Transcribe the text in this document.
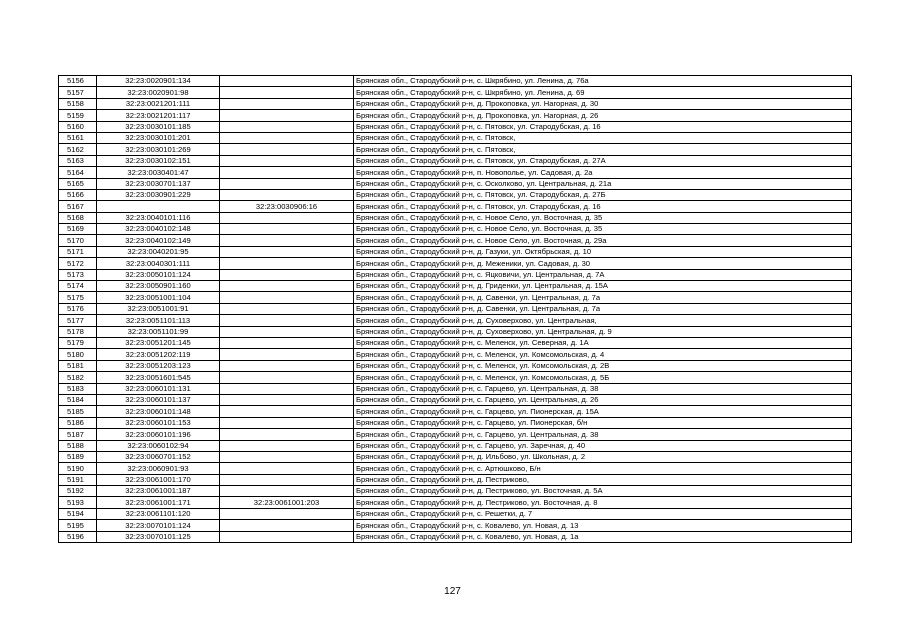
5156	32:23:0020901:134		Брянская обл., Стародубский р-н, с. Шкрябино, ул. Ленина, д. 76а
5157	32:23:0020901:98		Брянская обл., Стародубский р-н, с. Шкрябино, ул. Ленина, д. 69
5158	32:23:0021201:111		Брянская обл., Стародубский р-н, д. Прокоповка, ул. Нагорная, д. 30
5159	32:23:0021201:117		Брянская обл., Стародубский р-н, д. Прокоповка, ул. Нагорная, д. 26
5160	32:23:0030101:185		Брянская обл., Стародубский р-н, с. Пятовск, ул. Стародубская, д. 16
5161	32:23:0030101:201		Брянская обл., Стародубский р-н, с. Пятовск,
5162	32:23:0030101:269		Брянская обл., Стародубский р-н, с. Пятовск,
5163	32:23:0030102:151		Брянская обл., Стародубский р-н, с. Пятовск, ул. Стародубская, д. 27А
5164	32:23:0030401:47		Брянская обл., Стародубский р-н, п. Новополье, ул. Садовая, д. 2а
5165	32:23:0030701:137		Брянская обл., Стародубский р-н, с. Осколково, ул. Центральная, д. 21а
5166	32:23:0030901:229		Брянская обл., Стародубский р-н, с. Пятовск, ул. Стародубская, д. 27Б
5167		32:23:0030906:16	Брянская обл., Стародубский р-н, с. Пятовск, ул. Стародубская, д. 16
5168	32:23:0040101:116		Брянская обл., Стародубский р-н, с. Новое Село, ул. Восточная, д. 35
5169	32:23:0040102:148		Брянская обл., Стародубский р-н, с. Новое Село, ул. Восточная, д. 35
5170	32:23:0040102:149		Брянская обл., Стародубский р-н, с. Новое Село, ул. Восточная, д. 29а
5171	32:23:0040201:95		Брянская обл., Стародубский р-н, д. Газуки, ул. Октябрьская, д. 10
5172	32:23:0040301:111		Брянская обл., Стародубский р-н, д. Меженики, ул. Садовая, д. 30
5173	32:23:0050101:124		Брянская обл., Стародубский р-н, с. Яцковичи, ул. Центральная, д. 7А
5174	32:23:0050901:160		Брянская обл., Стародубский р-н, д. Гриденки, ул. Центральная, д. 15А
5175	32:23:0051001:104		Брянская обл., Стародубский р-н, д. Савенки, ул. Центральная, д. 7а
5176	32:23:0051001:91		Брянская обл., Стародубский р-н, д. Савенки, ул. Центральная, д. 7а
5177	32:23:0051101:113		Брянская обл., Стародубский р-н, д. Суховерхово, ул. Центральная,
5178	32:23:0051101:99		Брянская обл., Стародубский р-н, д. Суховерхово, ул. Центральная, д. 9
5179	32:23:0051201:145		Брянская обл., Стародубский р-н, с. Меленск, ул. Северная, д. 1А
5180	32:23:0051202:119		Брянская обл., Стародубский р-н, с. Меленск, ул. Комсомольская, д. 4
5181	32:23:0051203:123		Брянская обл., Стародубский р-н, с. Меленск, ул. Комсомольская, д. 2В
5182	32:23:0051601:545		Брянская обл., Стародубский р-н, с. Меленск, ул. Комсомольская, д. 5Б
5183	32:23:0060101:131		Брянская обл., Стародубский р-н, с. Гарцево, ул. Центральная, д. 38
5184	32:23:0060101:137		Брянская обл., Стародубский р-н, с. Гарцево, ул. Центральная, д. 26
5185	32:23:0060101:148		Брянская обл., Стародубский р-н, с. Гарцево, ул. Пионерская, д. 15А
5186	32:23:0060101:153		Брянская обл., Стародубский р-н, с. Гарцево, ул. Пионерская, б/н
5187	32:23:0060101:196		Брянская обл., Стародубский р-н, с. Гарцево, ул. Центральная, д. 38
5188	32:23:0060102:94		Брянская обл., Стародубский р-н, с. Гарцево, ул. Заречная, д. 40
5189	32:23:0060701:152		Брянская обл., Стародубский р-н, д. Ильбово, ул. Школьная, д. 2
5190	32:23:0060901:93		Брянская обл., Стародубский р-н, с. Артюшково, Б/н
5191	32:23:0061001:170		Брянская обл., Стародубский р-н, д. Пестриково,
5192	32:23:0061001:187		Брянская обл., Стародубский р-н, д. Пестриково, ул. Восточная, д. 5А
5193	32:23:0061001:171	32:23:0061001:203	Брянская обл., Стародубский р-н, д. Пестриково, ул. Восточная, д. 8
5194	32:23:0061101:120		Брянская обл., Стародубский р-н, с. Решетки, д. 7
5195	32:23:0070101:124		Брянская обл., Стародубский р-н, с. Ковалево, ул. Новая, д. 13
5196	32:23:0070101:125		Брянская обл., Стародубский р-н, с. Ковалево, ул. Новая, д. 1а
127
